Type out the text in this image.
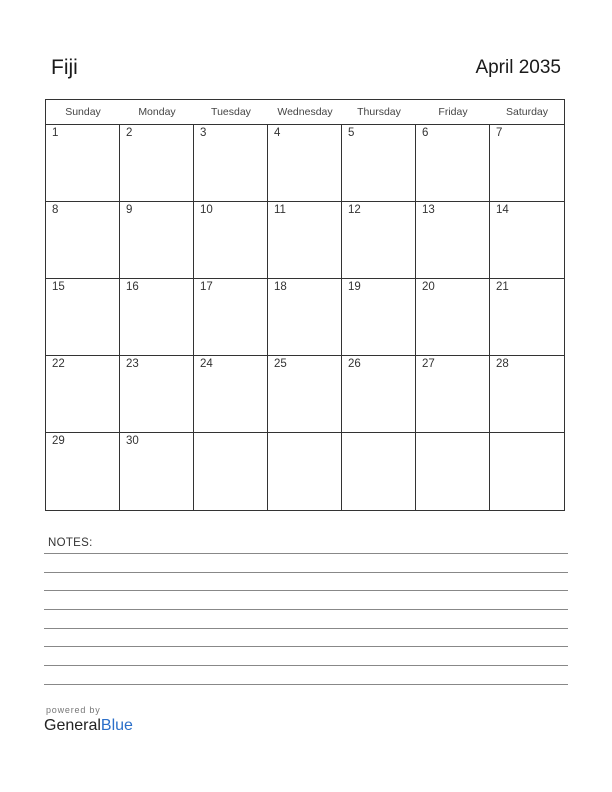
Fiji	April 2035
Sunday	Monday	Tuesday	Wednesday	Thursday	Friday	Saturday
1	2	3	4	5	6	7
8	9	10	11	12	13	14
15	16	17	18	19	20	21
22	23	24	25	26	27	28
29	30
NOTES:
powered by
GeneralBlue
